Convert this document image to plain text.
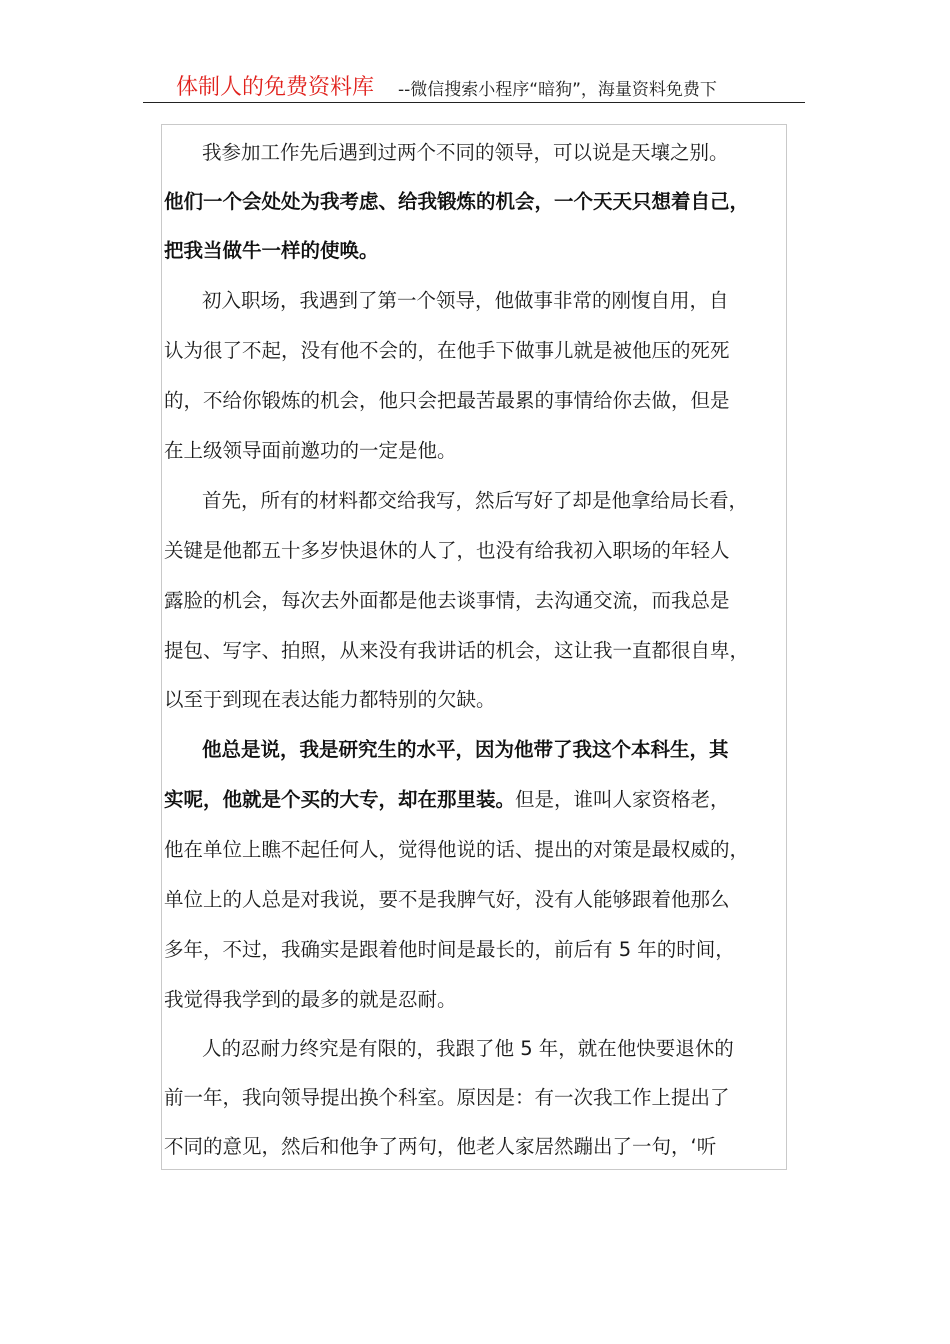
体制人的免费资料库 --微信搜索小程序“暗狗”，海量资料免费下
我参加工作先后遇到过两个不同的领导，可以说是天壤之别。
他们一个会处处为我考虑、给我锻炼的机会，一个天天只想着自己，
把我当做牛一样的使唤。
初入职场，我遇到了第一个领导，他做事非常的刚愎自用，自
认为很了不起，没有他不会的，在他手下做事儿就是被他压的死死
的，不给你锻炼的机会，他只会把最苦最累的事情给你去做，但是
在上级领导面前邀功的一定是他。
首先，所有的材料都交给我写，然后写好了却是他拿给局长看，
关键是他都五十多岁快退休的人了，也没有给我初入职场的年轻人
露脸的机会，每次去外面都是他去谈事情，去沟通交流，而我总是
提包、写字、拍照，从来没有我讲话的机会，这让我一直都很自卑，
以至于到现在表达能力都特别的欠缺。
他总是说，我是研究生的水平，因为他带了我这个本科生，其
实呢，他就是个买的大专，却在那里装。但是，谁叫人家资格老，
他在单位上瞧不起任何人，觉得他说的话、提出的对策是最权威的，
单位上的人总是对我说，要不是我脾气好，没有人能够跟着他那么
多年，不过，我确实是跟着他时间是最长的，前后有 5 年的时间，
我觉得我学到的最多的就是忍耐。
人的忍耐力终究是有限的，我跟了他 5 年，就在他快要退休的
前一年，我向领导提出换个科室。原因是：有一次我工作上提出了
不同的意见，然后和他争了两句，他老人家居然蹦出了一句，‘听
